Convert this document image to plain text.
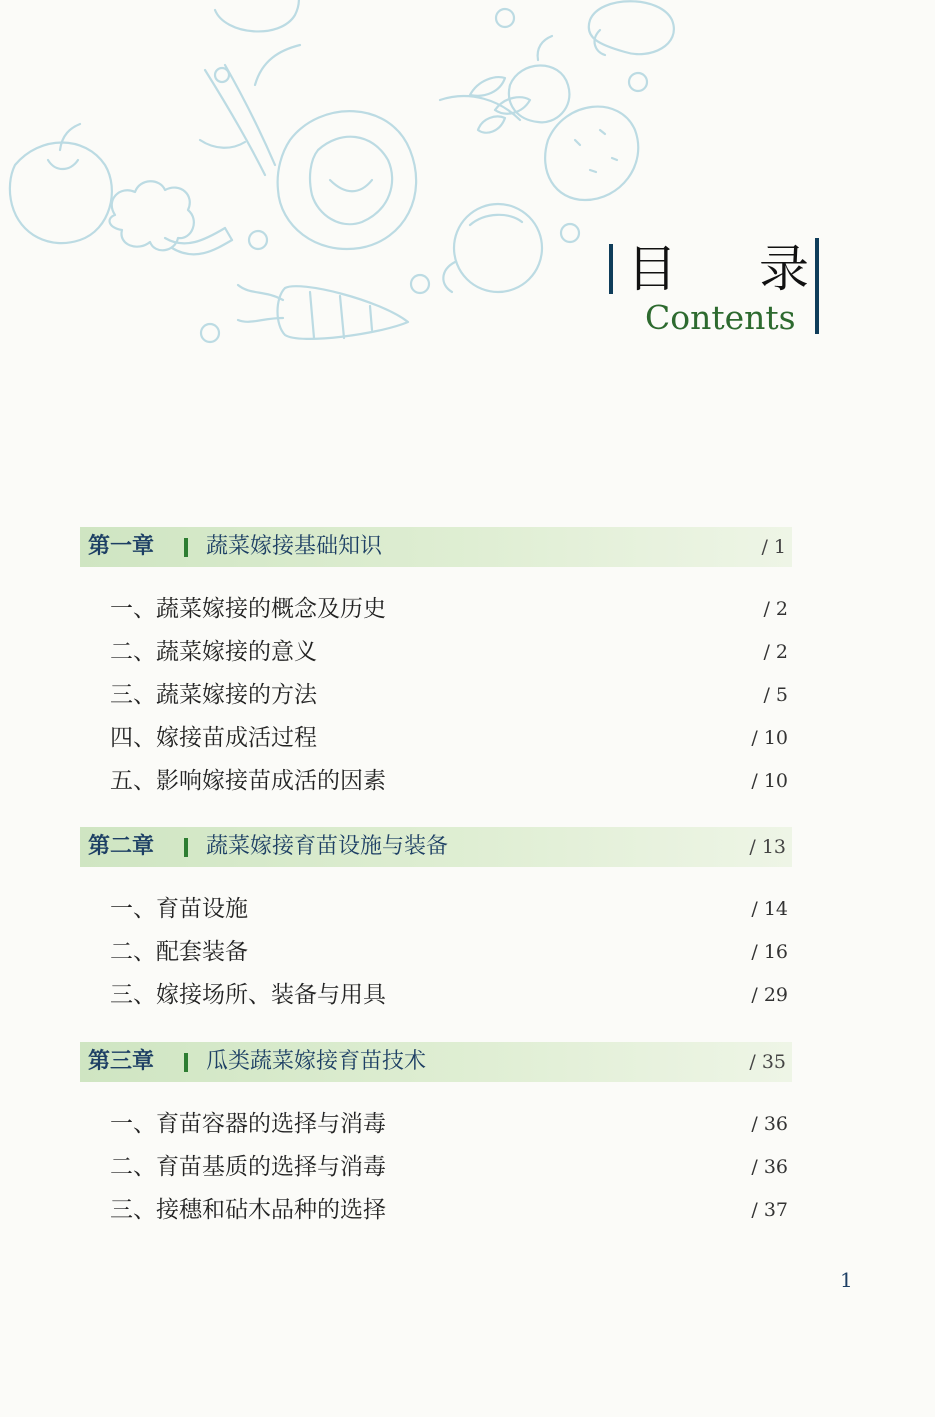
目 录
Contents
第一章 蔬菜嫁接基础知识	/ 1
一、蔬菜嫁接的概念及历史	/ 2
二、蔬菜嫁接的意义	/ 2
三、蔬菜嫁接的方法	/ 5
四、嫁接苗成活过程	/ 10
五、影响嫁接苗成活的因素	/ 10
第二章 蔬菜嫁接育苗设施与装备	/ 13
一、育苗设施	/ 14
二、配套装备	/ 16
三、嫁接场所、装备与用具	/ 29
第三章 瓜类蔬菜嫁接育苗技术	/ 35
一、育苗容器的选择与消毒	/ 36
二、育苗基质的选择与消毒	/ 36
三、接穗和砧木品种的选择	/ 37
1
